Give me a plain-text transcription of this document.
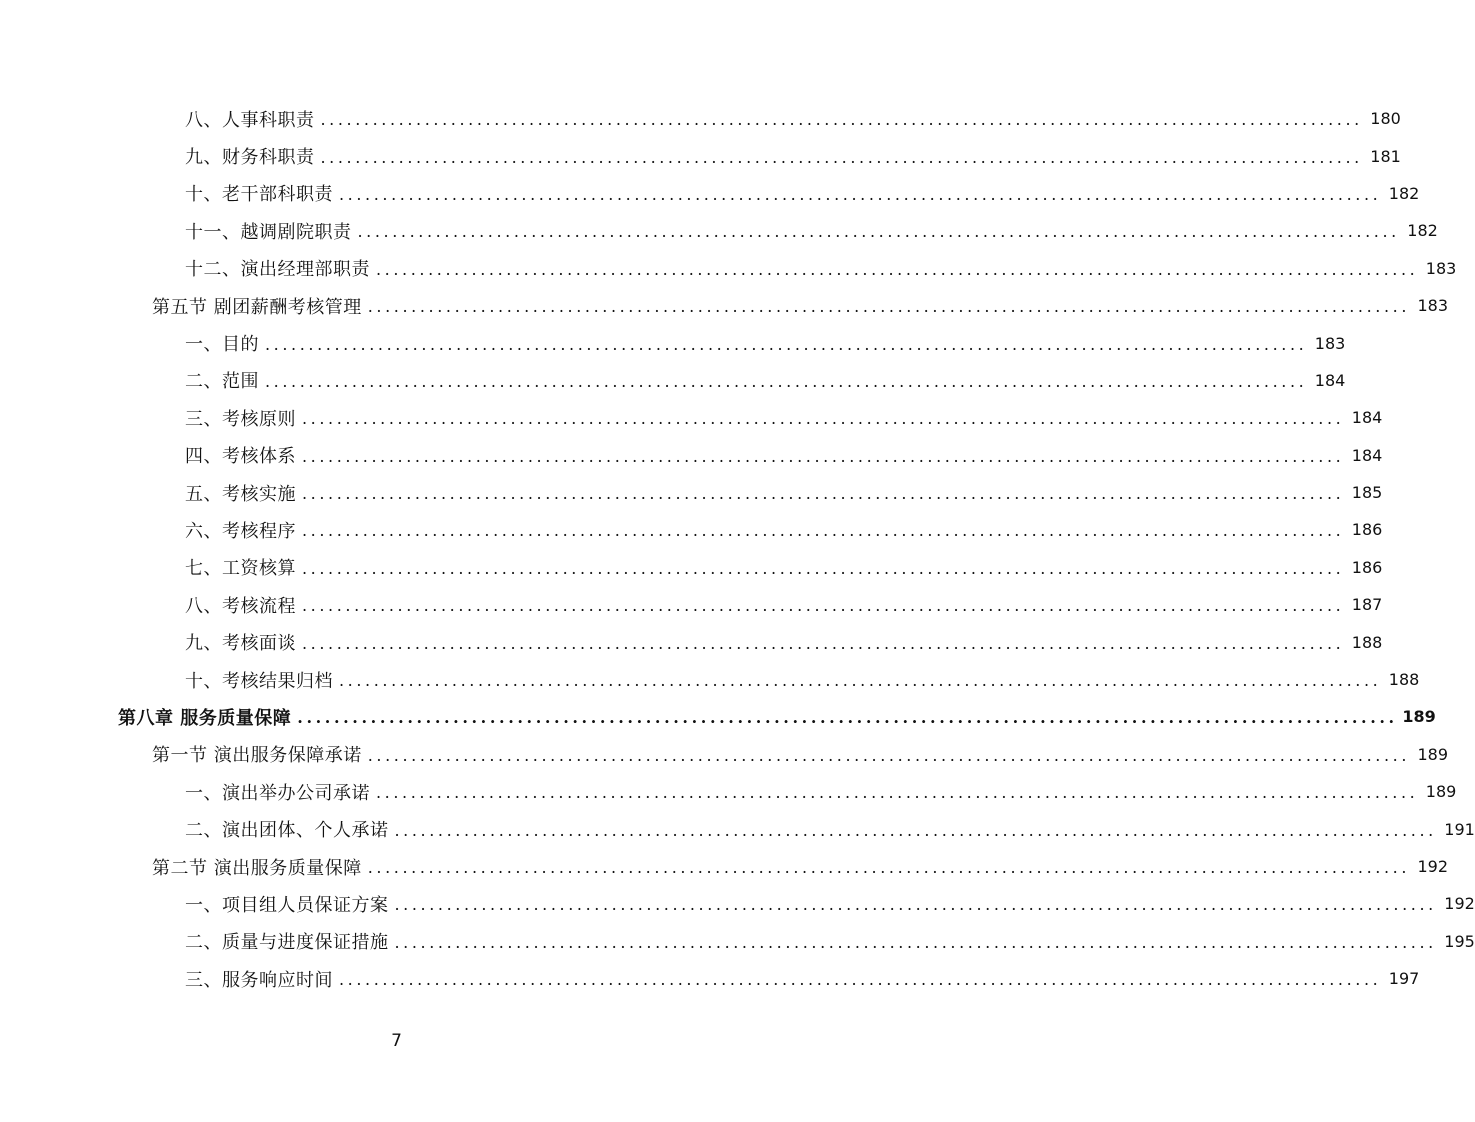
八、人事科职责 ........................................................................................................................ 180
九、财务科职责 ........................................................................................................................ 181
十、老干部科职责 ........................................................................................................................ 182
十一、越调剧院职责 ........................................................................................................................ 182
十二、演出经理部职责 ........................................................................................................................ 183
第五节 剧团薪酬考核管理 ........................................................................................................................ 183
一、目的 ........................................................................................................................ 183
二、范围 ........................................................................................................................ 184
三、考核原则 ........................................................................................................................ 184
四、考核体系 ........................................................................................................................ 184
五、考核实施 ........................................................................................................................ 185
六、考核程序 ........................................................................................................................ 186
七、工资核算 ........................................................................................................................ 186
八、考核流程 ........................................................................................................................ 187
九、考核面谈 ........................................................................................................................ 188
十、考核结果归档 ........................................................................................................................ 188
第八章 服务质量保障 ........................................................................................................................ 189
第一节 演出服务保障承诺 ........................................................................................................................ 189
一、演出举办公司承诺 ........................................................................................................................ 189
二、演出团体、个人承诺 ........................................................................................................................ 191
第二节 演出服务质量保障 ........................................................................................................................ 192
一、项目组人员保证方案 ........................................................................................................................ 192
二、质量与进度保证措施 ........................................................................................................................ 195
三、服务响应时间 ........................................................................................................................ 197
7
